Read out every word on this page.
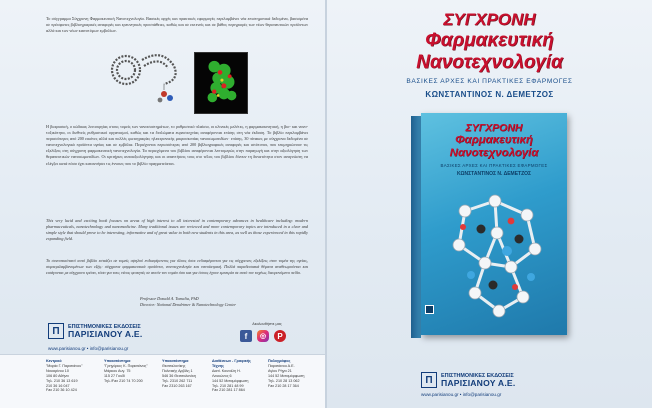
Το σύγγραμμα Σύγχρονη Φαρμακευτική Νανοτεχνολογία. Βασικές αρχές και πρακτικές εφαρμογές περιλαμβάνει νέα επιστημονικά δεδομένα, βασισμένα σε πρόσφατες βιβλιογραφικές αναφορές και ερευνητικές προσπάθειες, καθώς και σε εκτενείς και σε βάθος περιγραφές των νέων θεραπευτικών προϊόντων αλλά και των νέων καινοτόμων εμβολίων.

Η βιοφυσική, ο κώδικας λειτουργίας στους τομείς των νανοσυστημάτων, το ρυθμιστικό πλαίσιο, οι κλινικές μελέτες, η φαρμακοκινητική, η βιο- και νανο-τοξικότητα, οι διεθνείς ρυθμιστικοί οργανισμοί, καθώς και τα διπλώματα ευρεσιτεχνίας αναφέρονται επίσης στη νέα έκδοση. Το βιβλίο περιλαμβάνει περισσότερες από 200 εικόνες αλλά και πολλές φωτογραφίες ηλεκτρονικής μικροσκοπίας νανοσωματιδίων· επίσης, 30 πίνακες με σύγχρονα δεδομένα σε νανοτεχνολογικά προϊόντα υγείας και σε εμβόλια. Περιέχονται περισσότερες από 200 βιβλιογραφικές αναφορές και ιστότοποι, που τεκμηριώνουν τις εξελίξεις στη σύγχρονη φαρμακευτική νανοτεχνολογία. Τα περιεχόμενα του βιβλίου αναφέρονται λεπτομερώς στην παραγωγή και στην αξιολόγηση των θεραπευτικών νανοσωματιδίων. Οι κριτήριες αυτοαξιολόγησης και οι απαντήσεις τους στο τέλος του βιβλίου δίνουν τη δυνατότητα στον αναγνώστη να ελέγξει κατά πόσο έχει κατανοήσει τις έννοιες που το βιβλίο πραγματεύεται.

This very lucid and exciting book focuses on areas of high interest to all interested in contemporary advances in healthcare including: modern pharmaceuticals, nanotechnology and nanomedicine. Many traditional issues are reviewed and more contemporary topics are introduced in a clear and simple style that should prove to be interesting, informative and of great value to both new students in this area, as well as those experienced in this rapidly expanding field.

Το συνοπτικότατό αυτό βιβλίο εστιάζει σε τομείς υψηλού ενδιαφέροντος για όλους όσοι ενδιαφέρονται για τις σύγχρονες εξελίξεις στον τομέα της υγείας, συμπεριλαμβανομένων των εξής: σύγχρονα φαρμακευτικά προϊόντα, νανοτεχνολογία και νανοϊατρική. Πολλά παραδοσιακά θέματα αναθεωρούνται και εισάγονται με σύγχρονο τρόπο, τόσο για τους νέους φοιτητές σε αυτόν τον τομέα όσο και για όσους έχουν εμπειρία σε αυτό τον ταχέως διευρυνόμενο πεδίο.

Professor Donald A. Tomalia, PhD
Director: National Dendrimer & Nanotechnology Center
Ακολουθήστε μας
f	◎	P
Π	ΕΠΙΣΤΗΜΟΝΙΚΕΣ ΕΚΔΟΣΕΙΣ
ΠΑΡΙΣΙΑΝΟΥ Α.Ε.
www.parisianou.gr • info@parisianou.gr
Κεντρικό
"Μαρία Γ. Παρισιάνου"
Ναυαρίνου 10
106 80 Αθήνα
Τηλ. 210 36 13 619
210 36 16 047
Fax 210 36 10 424
Υποκατάστημα
"Γρηγόριος Κ. Παρισιάνος"
Μάρκου Αυγ. 75
115 27 Γουδί
Τηλ./Fax 210 74 70 200
Υποκατάστημα
Θεσσαλονίκης
Πολιτικής Αρβίλη 1
546 36 Θεσσαλονίκη
Τηλ. 2310 262 711
Fax 2310 263 167
Διαθέσεων - Γραφικής Τέχνης
Διατί. Κουνάλη Η.
Λευκώνος 6
144 52 Μεταμόρφωση
Τηλ. 210 281 48 99
Fax 210 281 17 864
Πολυγράφος
Παρισιάνου Α.Ε.
Αγίου Ρήγα 21
144 52 Μεταμόρφωση
Τηλ. 210 28 13 062
Fax 210 28 17 364
ΣΥΓΧΡΟΝΗ
Φαρμακευτική
Νανοτεχνολογία
ΒΑΣΙΚΕΣ ΑΡΧΕΣ ΚΑΙ ΠΡΑΚΤΙΚΕΣ ΕΦΑΡΜΟΓΕΣ
ΚΩΝΣΤΑΝΤΙΝΟΣ Ν. ΔΕΜΕΤΖΟΣ
ΣΥΓΧΡΟΝΗ
Φαρμακευτική
Νανοτεχνολογία
ΒΑΣΙΚΕΣ ΑΡΧΕΣ ΚΑΙ ΠΡΑΚΤΙΚΕΣ ΕΦΑΡΜΟΓΕΣ
ΚΩΝΣΤΑΝΤΙΝΟΣ Ν. ΔΕΜΕΤΖΟΣ
Π	ΕΠΙΣΤΗΜΟΝΙΚΕΣ ΕΚΔΟΣΕΙΣ
ΠΑΡΙΣΙΑΝΟΥ Α.Ε.
www.parisianou.gr • info@parisianou.gr
